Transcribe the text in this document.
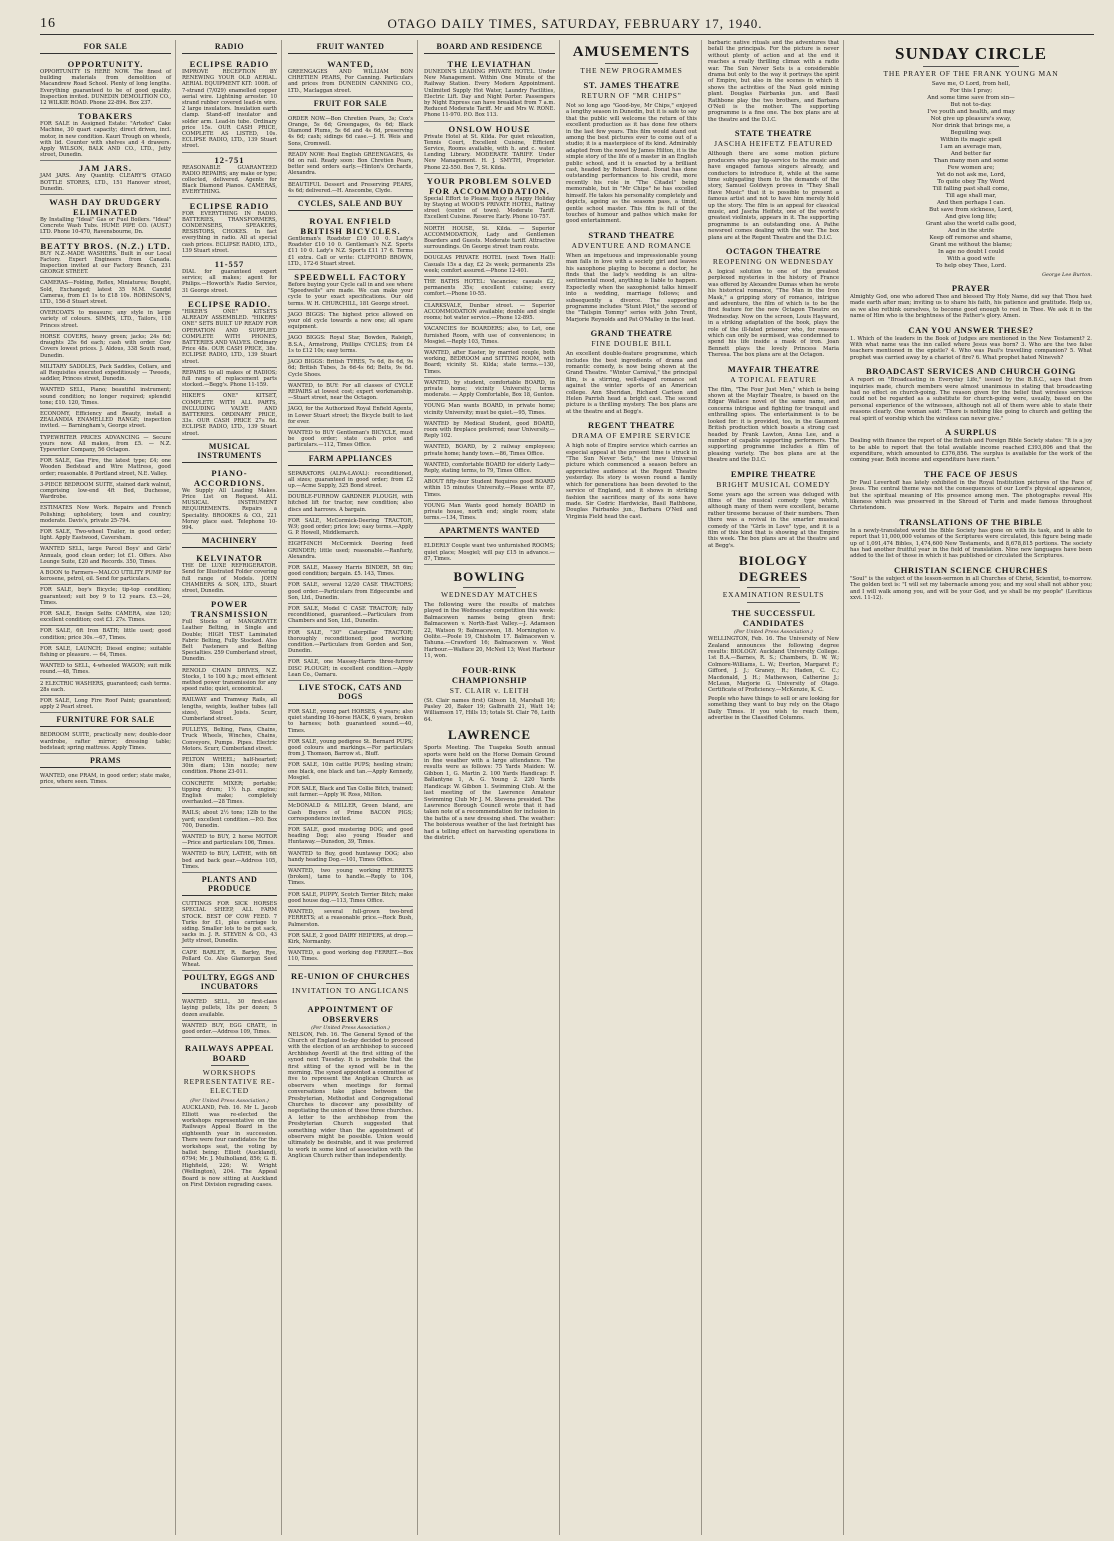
16	OTAGO DAILY TIMES, SATURDAY, FEBRUARY 17, 1940.
FOR SALE
OPPORTUNITY.
OPPORTUNITY IS HERE NOW. The finest of building materials from demolition of Macandrew Road School. Plenty of long lengths. Everything guaranteed to be of good quality. Inspection invited. DUNEDIN DEMOLITION CO., 12 WILKIE ROAD. Phone 22-894. Box 237.
TOBAKERS
FOR SALE in Assigned Estate: "Artofex" Cake Machine, 30 quart capacity; direct driven, incl. motor, in new condition. Kauri Trough on wheels, with lid. Counter with shelves and 4 drawers. Apply WILSON, BALK AND CO., LTD., Jetty street, Dunedin.
JAM JARS.
JAM JARS. Any Quantity. CLEARY'S OTAGO BOTTLE STORES, LTD., 151 Hanover street, Dunedin.
WASH DAY DRUDGERY ELIMINATED
By Installing "Ideal" Gas or Fuel Boilers. "Ideal" Concrete Wash Tubs. HUME PIPE CO. (AUST.) LTD. Phone 10-470, Ravensbourne, Dn.
BEATTY BROS. (N.Z.) LTD.
BUY N.Z.-MADE WASHERS. Built in our Local Factory. Expert Engineers from Canada. Inspection invited at our Factory Branch, 231 GEORGE STREET.
CAMERAS—Folding, Reflex, Miniatures; Bought, Sold, Exchanged; latest 35 M.M. Candid Cameras, from £1 1s to £18 10s. ROBINSON'S, LTD., 156-8 Stuart street.
OVERCOATS to measure; any style in large variety of colours. SIMMS, LTD., Tailors, 118 Princes street.
HORSE COVERS, heavy green; jacks; 24s 6d; draughts 25s 6d each; cash with order. Cow Covers lowest prices. J. Aldous, 338 South road, Dunedin.
MILITARY SADDLES, Pack Saddles, Collars, and all Requisites executed expeditiously — Tweeds, saddler, Princes street, Dunedin.
WANTED SELL, Piano; beautiful instrument; sound condition; no longer required; splendid tone; £10. 120, Times.
ECONOMY, Efficiency and Beauty, install a ZEALANDIA ENAMELLED RANGE; inspection invited. — Barningham's, George street.
TYPEWRITER PRICES ADVANCING — Secure yours now. All makes, from £5. — N.Z. Typewriter Company, 56 Octagon.
FOR SALE, Gas Fire, the latest type; £4; one Wooden Bedstead and Wire Mattress, good order; reasonable. 8 Portland street, N.E. Valley.
3-PIECE BEDROOM SUITE, stained dark walnut, comprising low-end 4ft Bed, Duchesse, Wardrobe.
ESTIMATES Now Work. Repairs and French Polishing; upholstery, town and country; moderate. Davis's, private 25-794.
FOR SALE, Two-wheel Trailer, in good order; light. Apply Eastwood, Caversham.
WANTED SELL, large Parcel Boys' and Girls' Annuals, good clean order; lot £1. Offers. Also Lounge Suite, £20 and Records. 350, Times.
A BOON to Farmers—MALCO UTILITY PUMP for kerosene, petrol, oil. Send for particulars.
FOR SALE, boy's Bicycle; tip-top condition; guaranteed; suit boy 9 to 12 years. £3.—24, Times.
FOR SALE, Ensign Selfix CAMERA, size 120; excellent condition; cost £3. 27s. Times.
FOR SALE, 6ft Iron BATH; little used; good condition; price 30s.—67, Times.
FOR SALE, LAUNCH; Diesel engine; suitable fishing or pleasure. — 64, Times.
WANTED to SELL, 4-wheeled WAGON; suit milk round.—48, Times.
2 ELECTRIC WASHERS, guaranteed; cash terms. 28s each.
FOR SALE, Long Fire Roof Paint; guaranteed; apply 2 Pearl street.
FURNITURE FOR SALE
BEDROOM SUITE, practically new; double-door wardrobe, rafter mirror; dressing table; bedstead; spring mattress. Apply Times.
PRAMS
WANTED, one PRAM, in good order; state make, price, where seen. Times.
RADIO
ECLIPSE RADIO
IMPROVE RECEPTION BY RENEWING YOUR OLD AERIAL. AERIAL EQUIPMENT KIT: 100ft. of 7-strand (7/029) enamelled copper aerial wire. Lightning arrester. 10 strand rubber covered lead-in wire. 2 large insulators. Insulation earth clamp. Stand-off insulator and solder arm. Lead-in tube. Ordinary price 15s. OUR CASH PRICE, COMPLETE AS LISTED, 10s. ECLIPSE RADIO, LTD., 139 Stuart street.
12-751
REASONABLE GUARANTEED RADIO REPAIRS; any make or type; collected, delivered. Agents for Black Diamond Pianos. CAMERAS, EVERYTHING.
ECLIPSE RADIO
FOR EVERYTHING IN RADIO. BATTERIES, TRANSFORMERS, CONDENSERS, SPEAKERS, RESISTORS, CHOKES. In fact everything in radio. All at special cash prices. ECLIPSE RADIO, LTD., 139 Stuart street.
11-557
DIAL for guaranteed expert service; all makes; agent for Philips.—Howorth's Radio Service, 31 George street.
ECLIPSE RADIO.
"HIKER'S ONE" KITSETS ALREADY ASSEMBLED. "HIKERS' ONE" SETS BUILT UP READY FOR OPERATION AND SUPPLIED COMPLETE WITH PHONES, BATTERIES AND VALVES. Ordinary Price 48s. OUR CASH PRICE, 38s. ECLIPSE RADIO, LTD., 139 Stuart street.
REPAIRS to all makes of RADIOS; full range of replacement parts stocked.—Begg's. Phone 11-159.
HIKER'S ONE" KITSET, COMPLETE WITH ALL PARTS, INCLUDING VALVE AND BATTERIES. ORDINARY PRICE, 33s. OUR CASH PRICE 27s 6d. ECLIPSE RADIO, LTD., 139 Stuart street.
MUSICAL INSTRUMENTS
PIANO-ACCORDIONS.
We Supply All Leading Makes. Price List on Request. ALL MUSICAL INSTRUMENT REQUIREMENTS. Repairs a Speciality. BROOKES & CO., 221 Moray place east. Telephone 10-994.
MACHINERY
KELVINATOR
THE DE LUXE REFRIGERATOR. Send for Illustrated Folder covering full range of Models. JOHN CHAMBERS & SON, LTD., Stuart street, Dunedin.
POWER TRANSMISSION
Full Stocks of MANGROVITE Leather Belting, in Single and Double; HIGH TEST Laminated Fabric Belting, Fully Stocked. Also Belt Fasteners and Belting Specialties. 259 Cumberland street, Dunedin.
RENOLD CHAIN DRIVES, N.Z. Stocks, 1 to 100 h.p.; most efficient method power transmission for any speed ratio; quiet, economical.
RAILWAY and Tramway Rails, all lengths, weights, leather tubes (all sizes), Steel Joists. Scurr, Cumberland street.
PULLEYS, Belting, Fans, Chains, Truck Wheels, Winches, Chains, Conveyors, Pumps. Pipes. Electric Motors. Scurr, Cumberland street.
PELTON WHEEL; half-hearted; 30in diam; 13in nozzle; new condition. Phone 23-011.
CONCRETE MIXER; portable; tipping drum; 1½ h.p. engine; English make; completely overhauled.—28 Times.
RAILS; about 2½ tons; 12lb to the yard; excellent condition.—P.O. Box 700, Dunedin.
WANTED to BUY, 2 horse MOTOR—Price and particulars 106, Times.
WANTED to BUY, LATHE, with 6ft bed and back gear.—Address 105, Times.
PLANTS AND PRODUCE
CUTTINGS FOR SICK HORSES SPECIAL SHEEP, ALL FARM STOCK. BEST OF COW FEED. 7 Turks for £1, plus carriage to siding. Smaller lots to be got sack, sacks in. J. R. STEVEN & CO., 43 Jetty street, Dunedin.
CAPE BARLEY, R. Barley, Rye, Pollard Co. Also Glamorgan Seed Wheat.
POULTRY, EGGS AND INCUBATORS
WANTED SELL, 30 first-class laying pullets, 18s per dozen; 5 dozen available.
WANTED BUY, EGG CRATE, in good order.—Address 109, Times.
RAILWAYS APPEAL BOARD
WORKSHOPS REPRESENTATIVE RE-ELECTED
(Per United Press Association.)
AUCKLAND, Feb. 16. Mr L. Jacob Elliott was re-elected the workshops representative on the Railways Appeal Board in the eighteenth year in succession. There were four candidates for the workshops seat, the voting by ballot being: Elliott (Auckland), 6794; Mr. J. Mulholland, 856; G. B. Highfield, 226; W. Wright (Wellington), 204. The Appeal Board is now sitting at Auckland on First Division regrading cases.
FRUIT WANTED
WANTED,
GREENGAGES AND WILLIAM BON CHRETIEN PEARS, For Canning. Particulars and prices from DUNEDIN CANNING CO., LTD., Maclaggan street.
FRUIT FOR SALE
ORDER NOW.—Bon Chretien Pears, 3s; Cox's Orange, 5s 6d; Greengages, 6s 6d; Black Diamond Plums, 5s 6d and 4s 6d, preserving 4s 6d; cash; sidings 6d case.—J. H. Weis and Sons, Cromwell.
READY NOW: Real English GREENGAGES, 4s 6d on rail. Ready soon: Bon Chretien Pears, better send orders early.—Hinton's Orchards, Alexandra.
BEAUTIFUL Dessert and Preserving PEARS, 4s 6d; delivered.—H. Anscombe, Clyde.
CYCLES, SALE AND BUY
ROYAL ENFIELD BRITISH BICYCLES.
Gentleman's Roadster £10 10 0. Lady's Roadster £10 10 0. Gentleman's N.Z. Sports £11 10 0. Lady's N.Z. Sports £11 17 6. Terms £1 extra. Call or write: CLIFFORD BROWN, LTD., 172-6 Stuart street.
SPEEDWELL FACTORY
Before buying your Cycle call in and see where "Speedwells" are made. We can make your cycle to your exact specifications. Our old terms. W. H. CHURCHILL, 181 George street.
JAGO BIGGS: The highest price allowed on your old cycle towards a new one; all spare equipment.
JAGO BIGGS: Royal Star, Bowden, Raleigh, B.S.A., Armstrong, Phillips CYCLES; from £4 1s to £12 10s; easy terms.
JAGO BIGGS: British TYRES, 7s 6d, 8s 6d, 9s 6d; British Tubes, 3s 6d-4s 6d; Belts, 9s 6d. Cycle Shoes.
WANTED, to BUY: For all classes of CYCLE REPAIRS at lowest cost; expert workmanship.—Stuart street, near the Octagon.
JAGO, for the Authorized Royal Enfield Agents, in Lower Stuart street; the Bicycle built to last for ever.
WANTED to BUY Gentleman's BICYCLE, must be good order; state cash price and particulars.—112, Times Office.
FARM APPLIANCES
SEPARATORS (ALFA-LAVAL): reconditioned, all sizes; guaranteed in good order; from £2 up.—Acme Supply, 325 Bond street.
DOUBLE-FURROW GARDNER PLOUGH, with hitched lift for tractor, new condition; also discs and harrows. A bargain.
FOR SALE, McCormick-Deering TRACTOR, W.9; good order; price low; easy terms.—Apply G. P. Howell, Middlemarch.
EIGHT-INCH McCormick Deering feed GRINDER; little used; reasonable.—Ranfurly, Alexandra.
FOR SALE, Massey Harris BINDER, 5ft 6in; good condition; bargain. £5. 143, Times.
FOR SALE, several 12/20 CASE TRACTORS; good order.—Particulars from Edgecumbe and Son, Ltd., Dunedin.
FOR SALE, Model C CASE TRACTOR; fully reconditioned, guaranteed.—Particulars from Chambers and Son, Ltd., Dunedin.
FOR SALE, "30" Caterpillar TRACTOR; thoroughly reconditioned; good working condition.—Particulars from Gorden and Son, Dunedin.
FOR SALE, one Massey-Harris three-furrow DISC PLOUGH; in excellent condition.—Apply Lean Co., Oamaru.
LIVE STOCK, CATS AND DOGS
FOR SALE, young part HORSES, 4 years; also quiet standing 16-horse HACK, 6 years, broken to harness; both guaranteed sound.—40, Times.
FOR SALE, young pedigree St. Bernard PUPS; good colours and markings.—For particulars from J. Thomson, Barrow st., Bluff.
FOR SALE, 10in cattle PUPS; heeling strain; one black, one black and tan.—Apply Kennedy, Mosgiel.
FOR SALE, Black and Tan Collie Bitch, trained; suit farmer.—Apply W. Ross, Milton.
McDONALD & MILLER, Green Island, are Cash Buyers of Prime BACON PIGS; correspondence invited.
FOR SALE, good mustering DOG; and good heading Dog; also young Header and Huntaway.—Dunsdon, 39, Times.
WANTED to Buy, good huntaway DOG; also handy heading Dog.—101, Times Office.
WANTED, two young working FERRETS (broken), tame to handle.—Reply to 104, Times.
FOR SALE, PUPPY, Scotch Terrier Bitch; make good house dog.—113, Times Office.
WANTED, several full-grown two-bred FERRETS; at a reasonable price.—Rock Bush, Palmerston.
FOR SALE, 2 good DAIRY HEIFERS, at drop.—Kirk, Normanby.
WANTED, a good working dog FERRET.—Box 110, Times.
RE-UNION OF CHURCHES
INVITATION TO ANGLICANS
APPOINTMENT OF OBSERVERS
(Per United Press Association.)
NELSON, Feb. 16. The General Synod of the Church of England to-day decided to proceed with the election of an archbishop to succeed Archbishop Averill at the first sitting of the synod next Tuesday. It is probable that the first sitting of the synod will be in the morning. The synod appointed a committee of five to represent the Anglican Church as observers when meetings for formal conversations take place between the Presbyterian, Methodist and Congregational Churches to discover any possibility of negotiating the union of those three churches. A letter to the archbishop from the Presbyterian Church suggested that something wider than the appointment of observers might be possible. Union would ultimately be desirable, and it was preferred to work in some kind of association with the Anglican Church rather than independently.
BOARD AND RESIDENCE
THE LEVIATHAN
DUNEDIN'S LEADING PRIVATE HOTEL. Under New Management. Within One Minute of the Railway Station. Every Modern Appointment. Unlimited Supply Hot Water, Laundry Facilities, Electric Lift. Day and Night Porter. Passengers by Night Express can have breakfast from 7 a.m. Reduced Moderate Tariff. Mr and Mrs W. RONE. Phone 11-970. P.O. Box 113.
ONSLOW HOUSE
Private Hotel at St. Kilda. For quiet relaxation, Tennis Court, Excellent Cuisine, Efficient Service, Rooms available, with h. and c. water. Lending Library. MODERATE TARIFF. Under New Management. H. J. SMYTH, Proprietor. Phone 22-550. Box 7, St. Kilda.
YOUR PROBLEM SOLVED FOR ACCOMMODATION.
Special Effort to Please. Enjoy a Happy Holiday by Staying at WOOD'S PRIVATE HOTEL, Rattray street (centre of town). Moderate Tariff. Excellent Cuisine. Reserve Early. Phone 10-757.
NORTH HOUSE, St. Kilda. — Superior ACCOMMODATION, Lady and Gentlemen Boarders and Guests. Moderate tariff. Attractive surroundings. On George street tram route.
DOUGLAS PRIVATE HOTEL (next Town Hall): Casuals 15s a day, £2 2s week; permanents 25s week; comfort assured.—Phone 12-401.
THE BATHS HOTEL: Vacancies; casuals £2, permanents 35s; excellent cuisine; every comfort.—Phone 10-55.
CLARKSVALE, Dunbar street. — Superior ACCOMMODATION available; double and single rooms; hot water service.—Phone 12-895.
VACANCIES for BOARDERS; also, to Let, one furnished Room, with use of conveniences; in Mosgiel.—Reply 103, Times.
WANTED, after Easter, by married couple, both working, BEDROOM and SITTING ROOM, with Board; vicinity St. Kilda; state terms.—130, Times.
WANTED, by student, comfortable BOARD, in private home; vicinity University; terms moderate. — Apply Comfortable, Box 18, Gunton.
YOUNG Man wants BOARD, in private home; vicinity University; must be quiet.—95, Times.
WANTED by Medical Student, good BOARD, room with fireplace preferred; near University.—Reply 102.
WANTED, BOARD, by 2 railway employees; private home; handy town.—86, Times Office.
WANTED, comfortable BOARD for elderly Lady—Reply, stating terms, to 79, Times Office.
ABOUT fifty-four Student Requires good BOARD within 15 minutes University.—Please write 87, Times.
YOUNG Man Wants good homely BOARD in private house, north end; single room; state terms.—134, Times.
APARTMENTS WANTED
ELDERLY Couple want two unfurnished ROOMS; quiet place; Mosgiel; will pay £15 in advance.—87, Times.
BOWLING
WEDNESDAY MATCHES
The following were the results of matches played in the Wednesday competition this week: Balmacewen names being given first: Balmacewen v. North-East Valley.—J. Adamson 22, Watson 9; Balmacewen, 18. Mornington v. Oolite.—Poole 19, Chisholm 17. Balmacewen v. Tahuna.—Crawford 16; Balmacewen v. West Harbour.—Wallace 20, McNeil 13; West Harbour 11, won.
FOUR-RINK CHAMPIONSHIP
ST. CLAIR v. LEITH
(St. Clair names first) Gibson 18, Marshall 16; Pasley 20, Baker 19; Galbraith 21, Watt 14; Williamson 17, Hills 15; totals St. Clair 76, Leith 64.
LAWRENCE
Sports Meeting. The Tuapeka South annual sports were held on the Horse Domain Ground in fine weather with a large attendance. The results were as follows: 75 Yards Maiden: W. Gibbon 1, G. Martin 2. 100 Yards Handicap: F. Ballantyne 1, A. G. Young 2. 220 Yards Handicap: W. Gibbon 1. Swimming Club. At the last meeting of the Lawrence Amateur Swimming Club Mr J. M. Stevens presided. The Lawrence Borough Council wrote that it had taken note of a recommendation for inclusion in the baths of a new dressing shed. The weather: The boisterous weather of the last fortnight has had a telling effect on harvesting operations in the district.
AMUSEMENTS
THE NEW PROGRAMMES
ST. JAMES THEATRE
RETURN OF "MR CHIPS"
Not so long ago "Good-bye, Mr Chips," enjoyed a lengthy season in Dunedin, but it is safe to say that the public will welcome the return of this excellent production as it has done few others in the last few years. This film would stand out among the best pictures ever to come out of a studio; it is a masterpiece of its kind. Admirably adapted from the novel by James Hilton, it is the simple story of the life of a master in an English public school, and it is enacted by a brilliant cast, headed by Robert Donat. Donat has done outstanding performances to his credit, more recently his role in "The Citadel" being memorable, but in "Mr Chips" he has excelled himself. He takes his personality completely and depicts, ageing as the seasons pass, a timid, gentle school master. This film is full of the touches of humour and pathos which make for good entertainment.
STRAND THEATRE
ADVENTURE AND ROMANCE
When an impetuous and impressionable young man falls in love with a society girl and leaves his saxophone playing to become a doctor, he finds that the lady's wedding is an ultra-sentimental mood, anything is liable to happen. Expectedly when the saxophonist talks himself into a wedding, marriage follows; and subsequently a divorce. The supporting programme includes "Stunt Pilot," the second of the "Tailspin Tommy" series with John Trent, Marjorie Reynolds and Pat O'Malley in the lead.
GRAND THEATRE
FINE DOUBLE BILL
An excellent double-feature programme, which includes the best ingredients of drama and romantic comedy, is now being shown at the Grand Theatre. "Winter Carnival," the principal film, is a stirring, well-staged romance set against the winter sports of an American college. Ann Sheridan, Richard Carlson and Helen Parrish head a bright cast. The second picture is a thrilling mystery. The box plans are at the theatre and at Begg's.
REGENT THEATRE
DRAMA OF EMPIRE SERVICE
A high note of Empire service which carries an especial appeal at the present time is struck in "The Sun Never Sets," the new Universal picture which commenced a season before an appreciative audience at the Regent Theatre yesterday. Its story is woven round a family which for generations has been devoted to the service of England, and it shows in striking fashion the sacrifices many of its sons have made. Sir Cedric Hardwicke, Basil Rathbone, Douglas Fairbanks jun., Barbara O'Neil and Virginia Field head the cast.
barbaric native rituals and the adventures that befall the principals. For the picture is never without plenty of action and at the end it reaches a really thrilling climax with a radio war. The Sun Never Sets is a considerable drama but only to the way it portrays the spirit of Empire, but also in the scenes in which it shows the activities of the Nazi gold mining plant. Douglas Fairbanks jun. and Basil Rathbone play the two brothers, and Barbara O'Neil is the mother. The supporting programme is a fine one. The box plans are at the theatre and the D.I.C.
STATE THEATRE
JASCHA HEIFETZ FEATURED
Although there are some motion picture producers who pay lip-service to the music and have engaged famous singers already, and conductors to introduce it, while at the same time subjugating them to the demands of the story, Samuel Goldwyn proves in "They Shall Have Music" that it is possible to present a famous artist and not to have him merely hold up the story. The film is an appeal for classical music, and Jascha Heifetz, one of the world's greatest violinists, appears in it. The supporting programme is an outstanding one. A Pathe newsreel comes dealing with the war. The box plans are at the Regent Theatre and the D.I.C.
OCTAGON THEATRE
REOPENING ON WEDNESDAY
A logical solution to one of the greatest perplexed mysteries in the history of France was offered by Alexandre Dumas when he wrote his historical romance, "The Man in the Iron Mask," a gripping story of romance, intrigue and adventure, the film of which is to be the first feature for the new Octagon Theatre on Wednesday. Now on the screen, Louis Hayward, in a striking adaptation of the book, plays the role of the ill-fated prisoner who, for reasons which can only be surmised, was condemned to spend his life inside a mask of iron. Joan Bennett plays the lovely Princess Maria Theresa. The box plans are at the Octagon.
MAYFAIR THEATRE
A TOPICAL FEATURE
The film, "The Four Just Men," which is being shown at the Mayfair Theatre, is based on the Edgar Wallace novel of the same name, and concerns intrigue and fighting for tranquil and enthralling spies. The entertainment is to be looked for: it is provided, too, in the Gaumont British production which boasts a strong cast headed by Frank Lawton, Anna Lee, and a number of capable supporting performers. The supporting programme includes a film of pleasing variety. The box plans are at the theatre and the D.I.C.
EMPIRE THEATRE
BRIGHT MUSICAL COMEDY
Some years ago the screen was deluged with films of the musical comedy type which, although many of them were excellent, became rather tiresome because of their numbers. Then there was a revival in the smarter musical comedy of the "Girls in Love" type, and it is a film of this kind that is showing at the Empire this week. The box plans are at the theatre and at Begg's.
BIOLOGY DEGREES
EXAMINATION RESULTS
THE SUCCESSFUL CANDIDATES
(Per United Press Association.)
WELLINGTON, Feb. 16. The University of New Zealand announces the following degree results: BIOLOGY. Auckland University College. 1st B.A.—Barnes, R. S.; Chambers, D. W. W.; Colmore-Williams, L. W.; Everton, Margaret F.; Gifford, J. J.; Graney, R.; Haden, C. C.; Macdonald, J. H.; Mathewson, Catherine J.; McLean, Marjorie G. University of Otago. Certificate of Proficiency.—McKenzie, K. C.
People who have things to sell or are looking for something they want to buy rely on the Otago Daily Times. If you wish to reach them, advertise in the Classified Columns.
SUNDAY CIRCLE
THE PRAYER OF THE FRANK YOUNG MAN
Save me, O Lord, from hell,
For this I pray;
And some time save from sin—
But not to-day.
I've youth and health, and may
Not give up pleasure's sway,
Nor drink that brings me, a
Beguiling way.
Within its magic spell
I am an average man,
And better far
Than many men and some
Few women are;
Yet do not ask me, Lord,
To quite obey Thy Word
Till falling past shall come,
Till age shall mar,
And then perhaps I can.
But save from sickness, Lord,
And give long life;
Grant also the world calls good,
And in the strife
Keep off remorse and shame,
Grant me without the blame;
In age no doubt I could
With a good wife
To help obey Thee, Lord.
George Lee Burton.
PRAYER
Almighty God, one who adored Thee and blessed Thy Holy Name, did say that Thou hast made earth after man; inviting us to share his faith, his patience and gratitude. Help us, as we also rethink ourselves, to become good enough to rest in Thee. We ask it in the name of Him who is the brightness of the Father's glory. Amen.
CAN YOU ANSWER THESE?
1. Which of the leaders in the Book of Judges are mentioned in the New Testament? 2. With what name was the inn called where Jesus was born? 3. Who are the two false teachers mentioned in the epistle? 4. Who was Paul's travelling companion? 5. What prophet was carried away by a chariot of fire? 6. What prophet hated Nineveh?
BROADCAST SERVICES AND CHURCH GOING
A report on "Broadcasting in Everyday Life," issued by the B.B.C., says that from inquiries made, church members were almost unanimous in stating that broadcasting had no effect on church-going. The reason given for the belief that wireless services could not be regarded as a substitute for church-going were, usually, based on the personal experience of the witnesses, although not all of them were able to state their reasons clearly. One woman said: "There is nothing like going to church and getting the real spirit of worship which the wireless can never give."
A SURPLUS
Dealing with finance the report of the British and Foreign Bible Society states: "It is a joy to be able to report that the total available income reached £393,806 and that the expenditure, which amounted to £376,856. The surplus is available for the work of the coming year. Both income and expenditure have risen."
THE FACE OF JESUS
Dr Paul Leverhoff has lately exhibited in the Royal Institution pictures of the Face of Jesus. The central theme was not the consequences of our Lord's physical appearance, but the spiritual meaning of His presence among men. The photographs reveal His likeness which was preserved in the Shroud of Turin and made famous throughout Christendom.
TRANSLATIONS OF THE BIBLE
In a newly-translated world the Bible Society has gone on with its task, and is able to report that 11,000,000 volumes of the Scriptures were circulated, this figure being made up of 1,091,474 Bibles, 1,474,600 New Testaments, and 8,678,815 portions. The society has had another fruitful year in the field of translation. Nine new languages have been added to the list of those in which it has published or circulated the Scriptures.
CHRISTIAN SCIENCE CHURCHES
"Soul" is the subject of the lesson-sermon in all Churches of Christ, Scientist, to-morrow. The golden text is: "I will set my tabernacle among you; and my soul shall not abhor you; and I will walk among you, and will be your God, and ye shall be my people" (Leviticus xxvi. 11-12).
